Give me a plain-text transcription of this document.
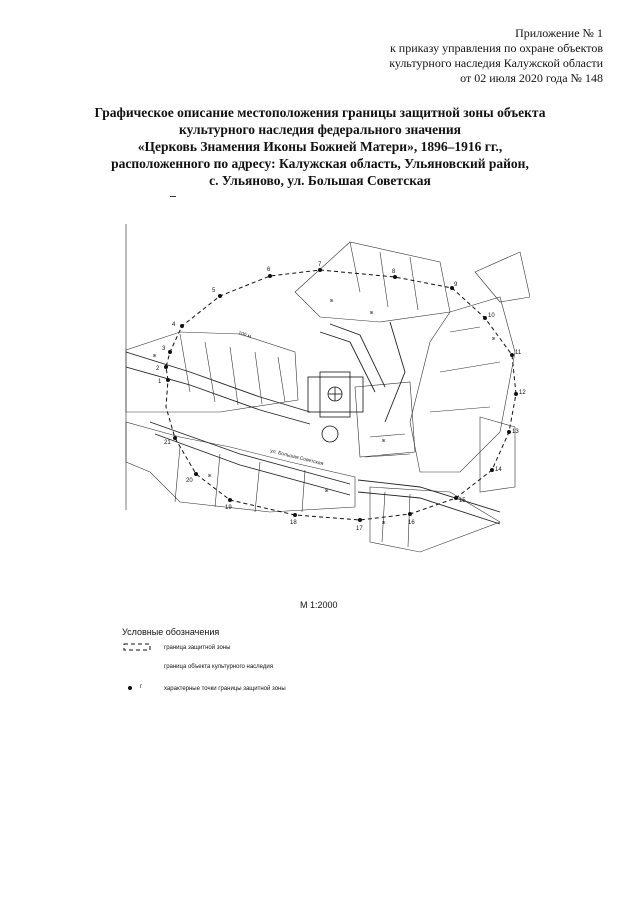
Приложение № 1
к приказу управления по охране объектов
культурного наследия Калужской области
от 02 июля 2020 года № 148
Графическое описание местоположения границы защитной зоны объекта
культурного наследия федерального значения
«Церковь Знамения Иконы Божией Матери», 1896–1916 гг.,
расположенного по адресу: Калужская область, Ульяновский район,
с. Ульяново, ул. Большая Советская
1
2
3
4
5
6
7
8
9
10
11
12
13
14
15
16
17
18
19
20
21
ул. Большая Советская
100 м
ж
ж
ж
ж
ж
ж
ж
ж
М 1:2000
Условные обозначения
граница защитной зоны
граница объекта культурного наследия
г	характерные точки границы защитной зоны
